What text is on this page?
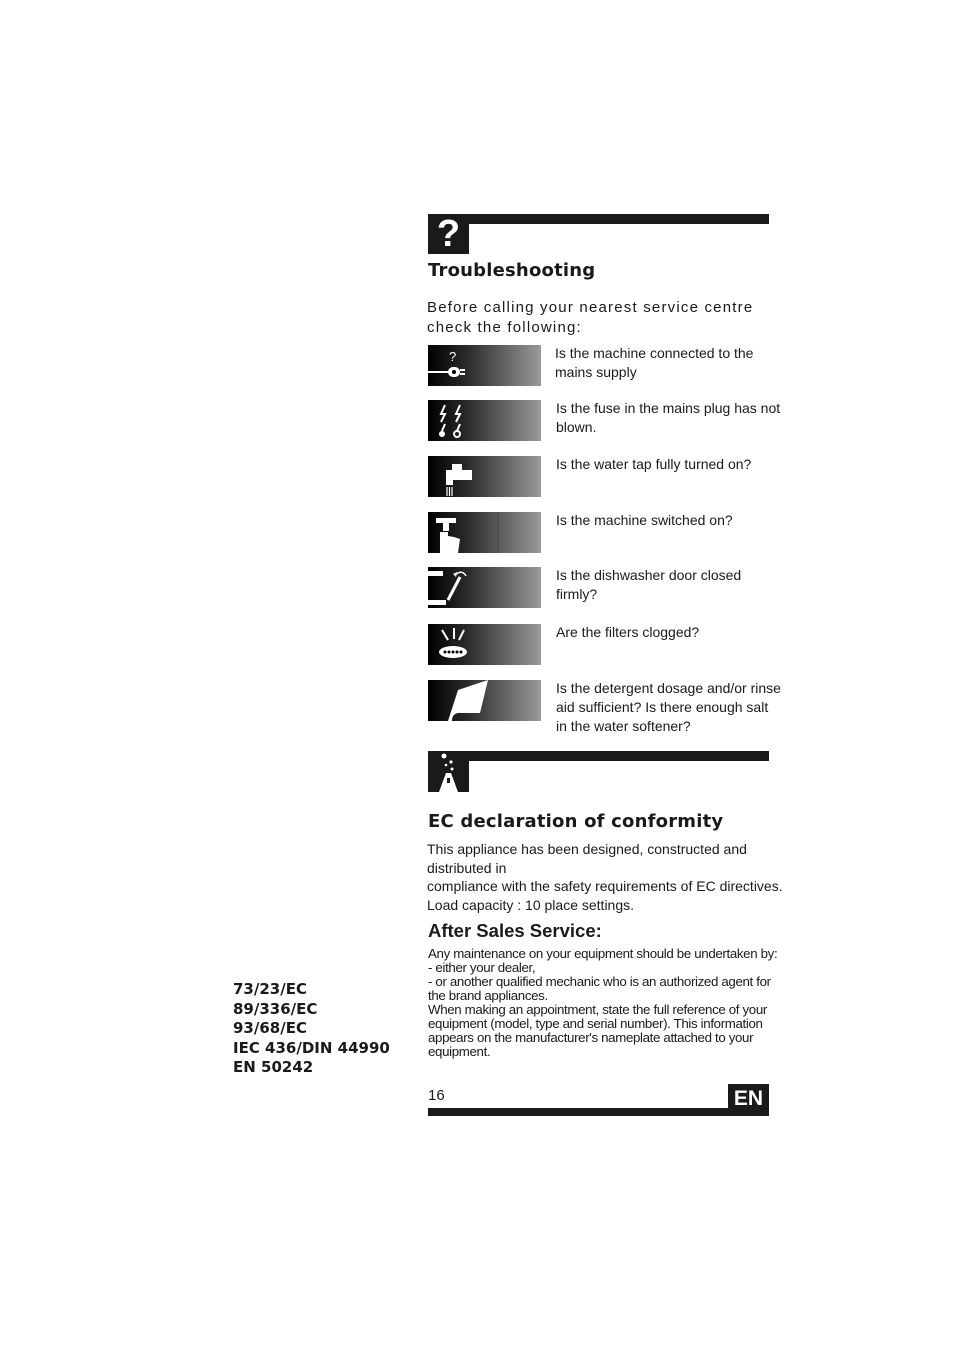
?
Troubleshooting

Before calling your nearest service centre check the following:

?	Is the machine connected to the mains supply

Is the fuse in the mains plug has not blown.

Is the water tap fully turned on?

Is the machine switched on?

Is the dishwasher door closed firmly?

Are the filters clogged?

Is the detergent dosage and/or rinse aid sufficient? Is there enough salt in the water softener?

EC declaration of conformity

This appliance has been designed, constructed and distributed in

compliance with the safety requirements of EC directives.

Load capacity : 10 place settings.

After Sales Service:

Any maintenance on your equipment should be undertaken by:

- either your dealer,

- or another qualified mechanic who is an authorized agent for the brand appliances.

When making an appointment, state the full reference of your equipment (model, type and serial number). This information appears on the manufacturer's nameplate attached to your equipment.

73/23/EC
89/336/EC
93/68/EC
IEC 436/DIN 44990
EN 50242
16	EN
